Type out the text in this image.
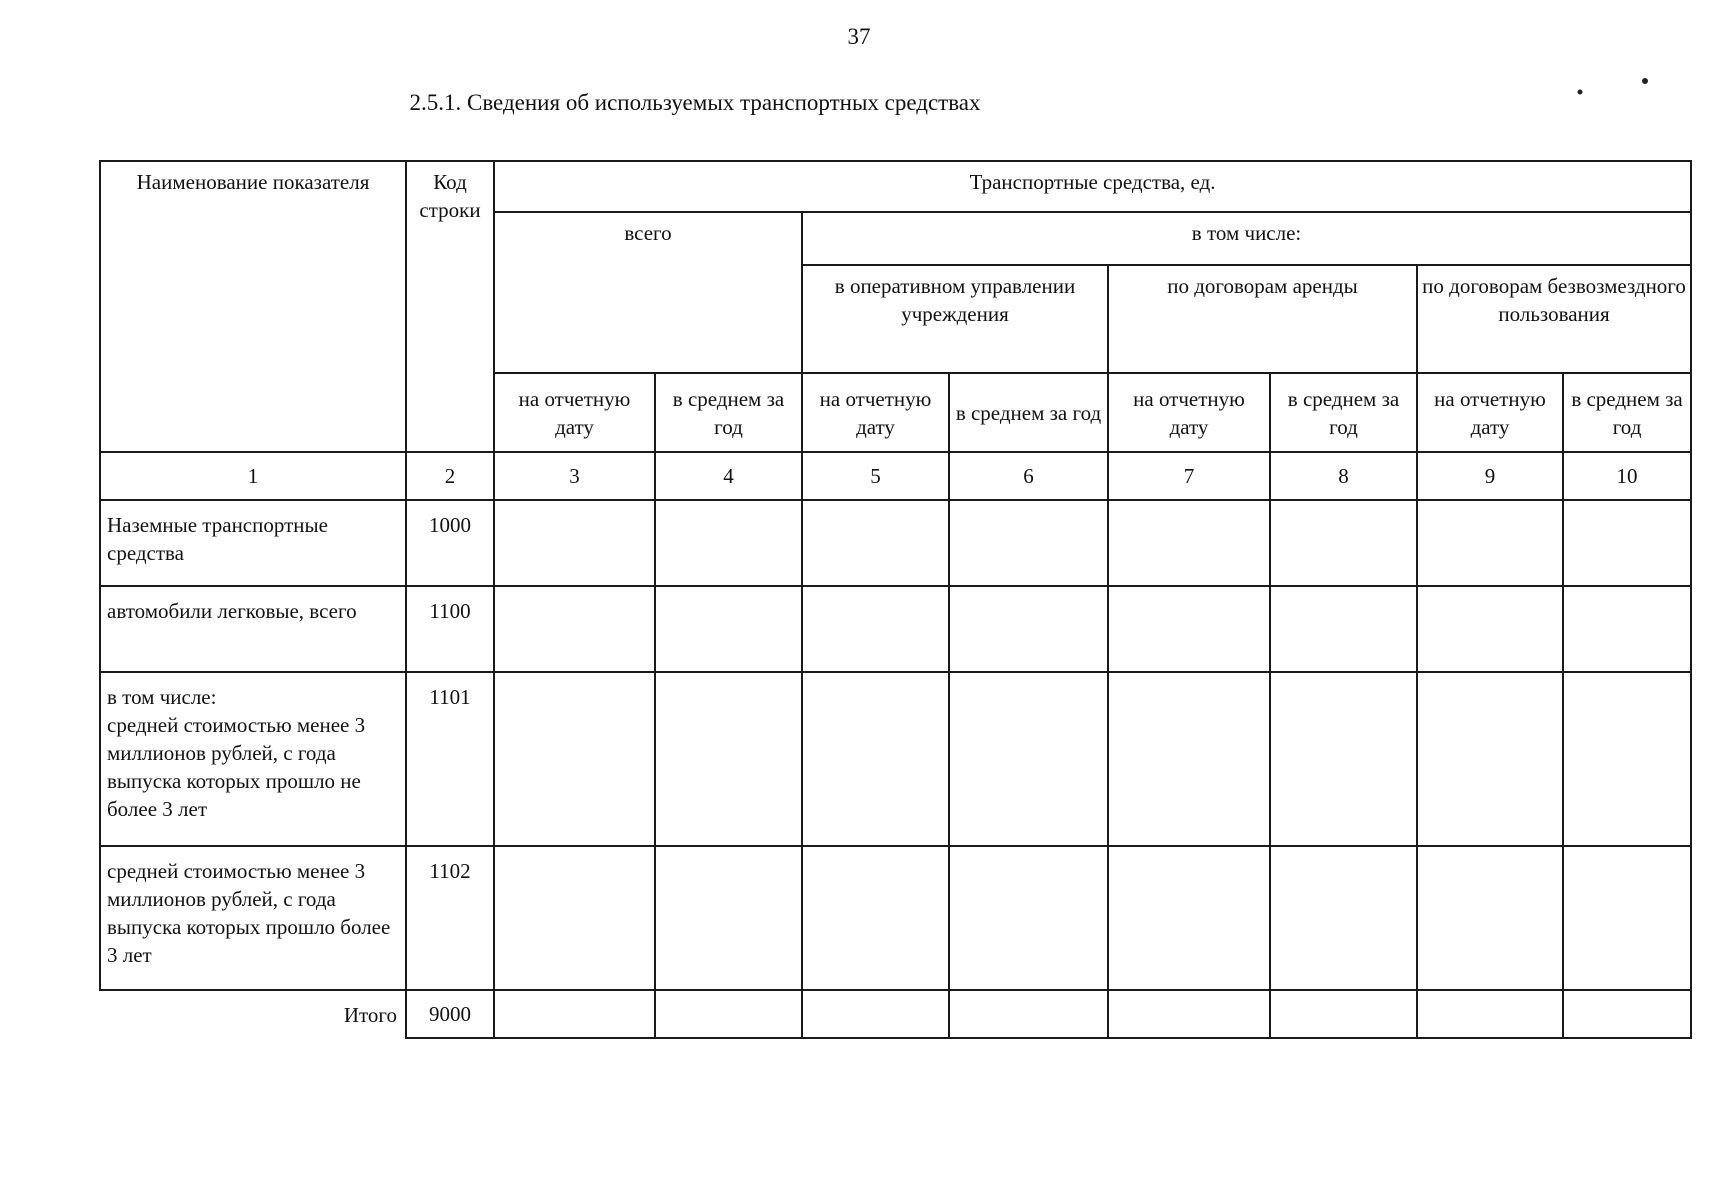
37
2.5.1. Сведения об используемых транспортных средствах
Наименование показателя	Код строки	Транспортные средства, ед.							
		всего		в том числе:					
				в оперативном управлении учреждения		по договорам аренды		по договорам безвозмездного пользования	
		на отчетную дату	в среднем за год	на отчетную дату	в среднем за год	на отчетную дату	в среднем за год	на отчетную дату	в среднем за год
1	2	3	4	5	6	7	8	9	10
Наземные транспортные средства	1000								
автомобили легковые, всего	1100								
в том числе:
средней стоимостью менее 3 миллионов рублей, с года выпуска которых прошло не более 3 лет	1101								
средней стоимостью менее 3 миллионов рублей, с года выпуска которых прошло более 3 лет	1102								
Итого	9000								
